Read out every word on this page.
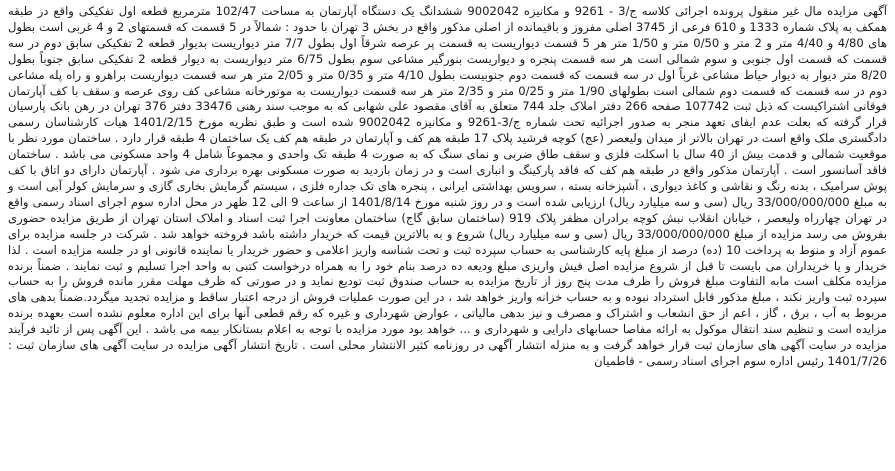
آگهی مزایده مال غیر منقول پرونده اجرائی کلاسه ج/3 - 9261 و مکانیزه 9002042 ششدانگ یک دستگاه آپارتمان به مساحت 102/47 مترمربع قطعه اول تفکیکی واقع در طبقه همکف به پلاک شماره 1333 و 610 فرعی از 3745 اصلی مفروز و باقیمانده از اصلی مذکور واقع در بخش 3 تهران با حدود : شمالاً در 5 قسمت که قسمتهای 2 و 4 غربی است بطول های 4/80 و 4/40 متر و 2 متر و 0/50 متر و 1/50 متر هر 5 قسمت دیواریست به قسمت پر عرصه شرقاً اول بطول 7/7 متر دیواریست بدیوار قطعه 2 تفکیکی سابق دوم در سه قسمت که قسمت اول جنوبی و سوم شمالی است هر سه قسمت پنجره و دیواریست بنورگیر مشاعی سوم بطول 6/75 متر دیواریست به دیوار قطعه 2 تفکیکی سابق جنوباً بطول 8/20 متر دیوار به دیوار حیاط مشاعی غرباً اول در سه قسمت که قسمت دوم جنوبیست بطول 4/10 متر و 0/35 متر و 2/05 متر هر سه قسمت دیواریست براهرو و راه پله مشاعی دوم در سه قسمت که قسمت دوم شمالی است بطولهای 1/90 متر و 0/25 متر و 2/35 متر هر سه قسمت دیواریست به موتورخانه مشاعی کف روی عرصه و سقف با کف آپارتمان فوقانی اشتراکیست که ذیل ثبت 107742 صفحه 266 دفتر املاک جلد 744 متعلق به آقای مقصود علی شهابی که به موجب سند رهنی 33476 دفتر 376 تهران در رهن بانک پارسیان قرار گرفته که بعلت عدم ایفای تعهد منجر به صدور اجرائیه تحت شماره ج/3-9261 و مکانیزه 9002042 شده است و طبق نظریه مورخ 1401/2/15 هیات کارشناسان رسمی دادگستری ملک واقع است در تهران بالاتر از میدان ولیعصر (عج) کوچه فرشید پلاک 17 طبقه هم کف و آپارتمان در طبقه هم کف یک ساختمان 4 طبقه قرار دارد . ساختمان مورد نظر با موقعیت شمالی و قدمت بیش از 40 سال با اسکلت فلزی و سقف طاق ضربی و نمای سنگ که به صورت 4 طبقه تک واحدی و مجموعاً شامل 4 واحد مسکونی می باشد . ساختمان فاقد آسانسور است . آپارتمان مذکور واقع در طبقه هم کف که فاقد پارکینگ و انباری است و در زمان بازدید به صورت مسکونی بهره برداری می شود . آپارتمان دارای دو اتاق با کف پوش سرامیک ، بدنه رنگ و نقاشی و کاغذ دیواری ، آشپزخانه بسته ، سرویس بهداشتی ایرانی ، پنجره های تک جداره فلزی ، سیستم گرمایش بخاری گازی و سرمایش کولر آبی است و به مبلغ 33/000/000/000 ریال (سی و سه میلیارد ریال) ارزیابی شده است و در روز شنبه مورخ 1401/8/14 از ساعت 9 الی 12 ظهر در محل اداره سوم اجرای اسناد رسمی واقع در تهران چهارراه ولیعصر ، خیابان انقلاب نبش کوچه برادران مظفر پلاک 919 (ساختمان سابق گاج) ساختمان معاونت اجرا ثبت اسناد و املاک استان تهران از طریق مزایده حضوری بفروش می رسد مزایده از مبلغ 33/000/000/000 ریال (سی و سه میلیارد ریال) شروع و به بالاترین قیمت که خریدار داشته باشد فروخته خواهد شد . شرکت در جلسه مزایده برای عموم آزاد و منوط به پرداخت 10 (ده) درصد از مبلغ پایه کارشناسی به حساب سپرده ثبت و تحت شناسه واریز اعلامی و حضور خریدار یا نماینده قانونی او در جلسه مزایده است . لذا خریدار و یا خریداران می بایست تا قبل از شروع مزایده اصل فیش واریزی مبلغ ودیعه ده درصد بنام خود را به همراه درخواست کتبی به واحد اجرا تسلیم و ثبت نمایند . ضمناً برنده مزایده مکلف است مابه التفاوت مبلغ فروش را ظرف مدت پنج روز از تاریخ مزایده به حساب صندوق ثبت تودیع نماید و در صورتی که ظرف مهلت مقرر مانده فروش را به حساب سپرده ثبت واریز نکند ، مبلغ مذکور قابل استرداد نبوده و به حساب خزانه واریز خواهد شد ، در این صورت عملیات فروش از درجه اعتبار ساقط و مزایده تجدید میگردد.ضمناً بدهی های مربوط به آب ، برق ، گاز ، اعم از حق انشعاب و اشتراک و مصرف و نیز بدهی مالیاتی ، عوارض شهرداری و غیره که رقم قطعی آنها برای این اداره معلوم نشده است بعهده برنده مزایده است و تنظیم سند انتقال موکول به ارائه مفاصا حسابهای دارایی و شهرداری و ... خواهد بود مورد مزایده با توجه به اعلام بستانکار بیمه می باشد . این آگهی پس از تائید فرآیند مزایده در سایت آگهی های سازمان ثبت قرار خواهد گرفت و به منزله انتشار آگهی در روزنامه کثیر الانتشار محلی است . تاریخ انتشار آگهی مزایده در سایت آگهی های سازمان ثبت : 1401/7/26 رئیس اداره سوم اجرای اسناد رسمی - قاطمیان
